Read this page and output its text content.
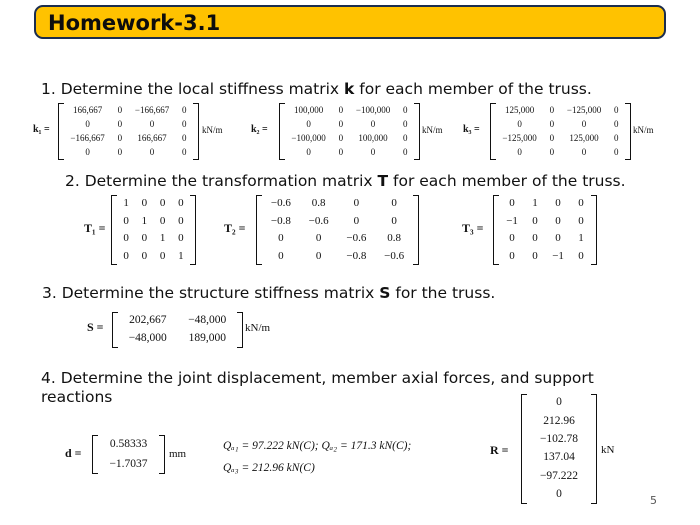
Homework-3.1
1. Determine the local stiffness matrix k for each member of the truss.
k₁ =
166,667 0 −166,667 0
0	0	0	0
−166,667 0 166,667 0
0	0	0	0
kN/m	k₂ =
100,000 0 −100,000 0
0	0	0	0
−100,000 0 100,000 0
0	0	0	0
kN/m k₃ =
125,000 0 −125,000 0
0	0	0	0
−125,000 0 125,000 0
0	0	0	0
kN/m
2. Determine the transformation matrix T for each member of the truss.
T₁ =
1 0 0 0
0 1 0 0
0 0 1 0
0 0 0 1
T₂ =
−0.6 0.8	0	0
−0.8 −0.6 0	0
0	0 −0.6 0.8
0	0 −0.8 −0.6
T₃ =
0 1 0 0
−1 0 0 0
0 0 0 1
0 0 −1 0
3. Determine the structure stiffness matrix S for the truss.
S = 202,667 −48,000
−48,000 189,000
kN/m
4. Determine the joint displacement, member axial forces, and support
reactions
d =
0.58333
−1.7037
mm
Qₐ₁ = 97.222 kN(C); Qₐ₂ = 171.3 kN(C);
Qₐ₃ = 212.96 kN(C)
R =
0
212.96
−102.78
137.04
−97.222
0
kN
5
